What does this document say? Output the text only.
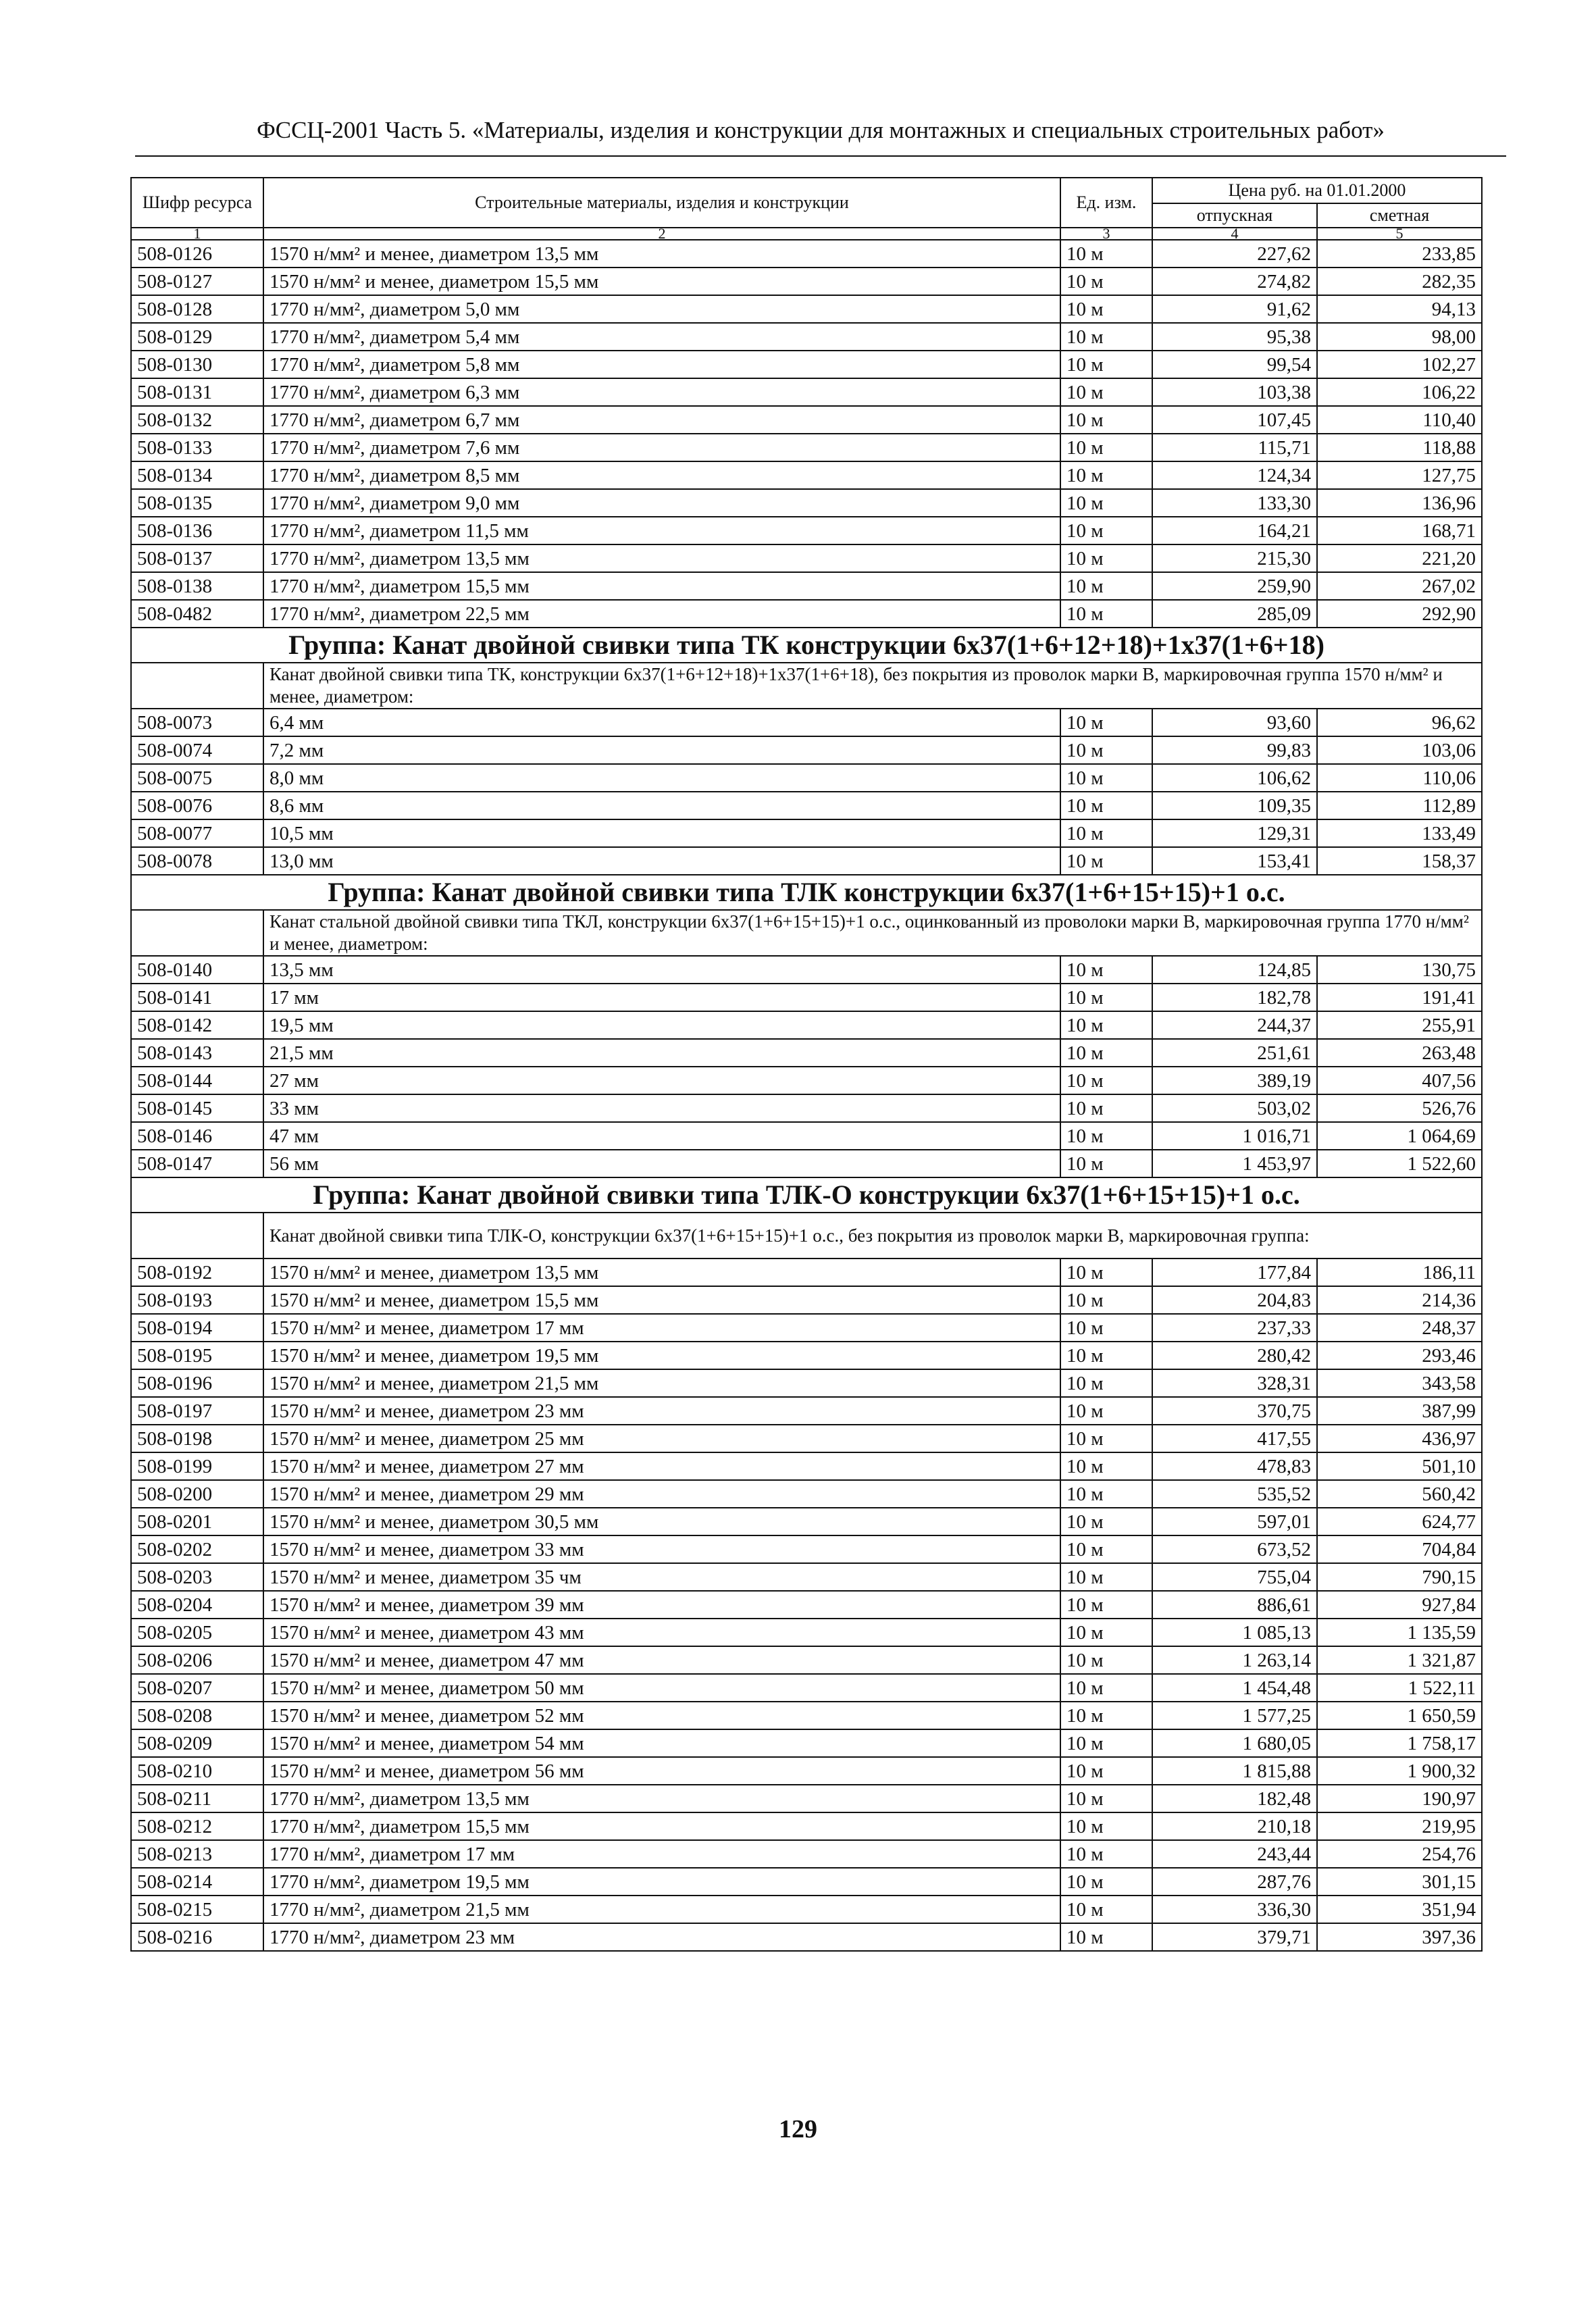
ФССЦ-2001 Часть 5. «Материалы, изделия и конструкции для монтажных и специальных строительных работ»
Шифр ресурса	Строительные материалы, изделия и конструкции	Ед. изм.	Цена руб. на 01.01.2000	
			отпускная	сметная
1	2	3	4	5
508-0126	1570 н/мм² и менее, диаметром 13,5 мм	10 м	227,62	233,85
508-0127	1570 н/мм² и менее, диаметром 15,5 мм	10 м	274,82	282,35
508-0128	1770 н/мм², диаметром 5,0 мм	10 м	91,62	94,13
508-0129	1770 н/мм², диаметром 5,4 мм	10 м	95,38	98,00
508-0130	1770 н/мм², диаметром 5,8 мм	10 м	99,54	102,27
508-0131	1770 н/мм², диаметром 6,3 мм	10 м	103,38	106,22
508-0132	1770 н/мм², диаметром 6,7 мм	10 м	107,45	110,40
508-0133	1770 н/мм², диаметром 7,6 мм	10 м	115,71	118,88
508-0134	1770 н/мм², диаметром 8,5 мм	10 м	124,34	127,75
508-0135	1770 н/мм², диаметром 9,0 мм	10 м	133,30	136,96
508-0136	1770 н/мм², диаметром 11,5 мм	10 м	164,21	168,71
508-0137	1770 н/мм², диаметром 13,5 мм	10 м	215,30	221,20
508-0138	1770 н/мм², диаметром 15,5 мм	10 м	259,90	267,02
508-0482	1770 н/мм², диаметром 22,5 мм	10 м	285,09	292,90
Группа: Канат двойной свивки типа ТК конструкции 6x37(1+6+12+18)+1x37(1+6+18)				
	Канат двойной свивки типа ТК, конструкции 6x37(1+6+12+18)+1x37(1+6+18), без покрытия из проволок марки В, маркировочная группа 1570 н/мм² и менее, диаметром:			
508-0073	6,4 мм	10 м	93,60	96,62
508-0074	7,2 мм	10 м	99,83	103,06
508-0075	8,0 мм	10 м	106,62	110,06
508-0076	8,6 мм	10 м	109,35	112,89
508-0077	10,5 мм	10 м	129,31	133,49
508-0078	13,0 мм	10 м	153,41	158,37
Группа: Канат двойной свивки типа ТЛК конструкции 6x37(1+6+15+15)+1 о.с.				
	Канат стальной двойной свивки типа ТКЛ, конструкции 6x37(1+6+15+15)+1 о.с., оцинкованный из проволоки марки В, маркировочная группа 1770 н/мм² и менее, диаметром:			
508-0140	13,5 мм	10 м	124,85	130,75
508-0141	17 мм	10 м	182,78	191,41
508-0142	19,5 мм	10 м	244,37	255,91
508-0143	21,5 мм	10 м	251,61	263,48
508-0144	27 мм	10 м	389,19	407,56
508-0145	33 мм	10 м	503,02	526,76
508-0146	47 мм	10 м	1 016,71	1 064,69
508-0147	56 мм	10 м	1 453,97	1 522,60
Группа: Канат двойной свивки типа ТЛК-О конструкции 6x37(1+6+15+15)+1 о.с.				
	Канат двойной свивки типа ТЛК-О, конструкции 6x37(1+6+15+15)+1 о.с., без покрытия из проволок марки В, маркировочная группа:			
508-0192	1570 н/мм² и менее, диаметром 13,5 мм	10 м	177,84	186,11
508-0193	1570 н/мм² и менее, диаметром 15,5 мм	10 м	204,83	214,36
508-0194	1570 н/мм² и менее, диаметром 17 мм	10 м	237,33	248,37
508-0195	1570 н/мм² и менее, диаметром 19,5 мм	10 м	280,42	293,46
508-0196	1570 н/мм² и менее, диаметром 21,5 мм	10 м	328,31	343,58
508-0197	1570 н/мм² и менее, диаметром 23 мм	10 м	370,75	387,99
508-0198	1570 н/мм² и менее, диаметром 25 мм	10 м	417,55	436,97
508-0199	1570 н/мм² и менее, диаметром 27 мм	10 м	478,83	501,10
508-0200	1570 н/мм² и менее, диаметром 29 мм	10 м	535,52	560,42
508-0201	1570 н/мм² и менее, диаметром 30,5 мм	10 м	597,01	624,77
508-0202	1570 н/мм² и менее, диаметром 33 мм	10 м	673,52	704,84
508-0203	1570 н/мм² и менее, диаметром 35 чм	10 м	755,04	790,15
508-0204	1570 н/мм² и менее, диаметром 39 мм	10 м	886,61	927,84
508-0205	1570 н/мм² и менее, диаметром 43 мм	10 м	1 085,13	1 135,59
508-0206	1570 н/мм² и менее, диаметром 47 мм	10 м	1 263,14	1 321,87
508-0207	1570 н/мм² и менее, диаметром 50 мм	10 м	1 454,48	1 522,11
508-0208	1570 н/мм² и менее, диаметром 52 мм	10 м	1 577,25	1 650,59
508-0209	1570 н/мм² и менее, диаметром 54 мм	10 м	1 680,05	1 758,17
508-0210	1570 н/мм² и менее, диаметром 56 мм	10 м	1 815,88	1 900,32
508-0211	1770 н/мм², диаметром 13,5 мм	10 м	182,48	190,97
508-0212	1770 н/мм², диаметром 15,5 мм	10 м	210,18	219,95
508-0213	1770 н/мм², диаметром 17 мм	10 м	243,44	254,76
508-0214	1770 н/мм², диаметром 19,5 мм	10 м	287,76	301,15
508-0215	1770 н/мм², диаметром 21,5 мм	10 м	336,30	351,94
508-0216	1770 н/мм², диаметром 23 мм	10 м	379,71	397,36
129
